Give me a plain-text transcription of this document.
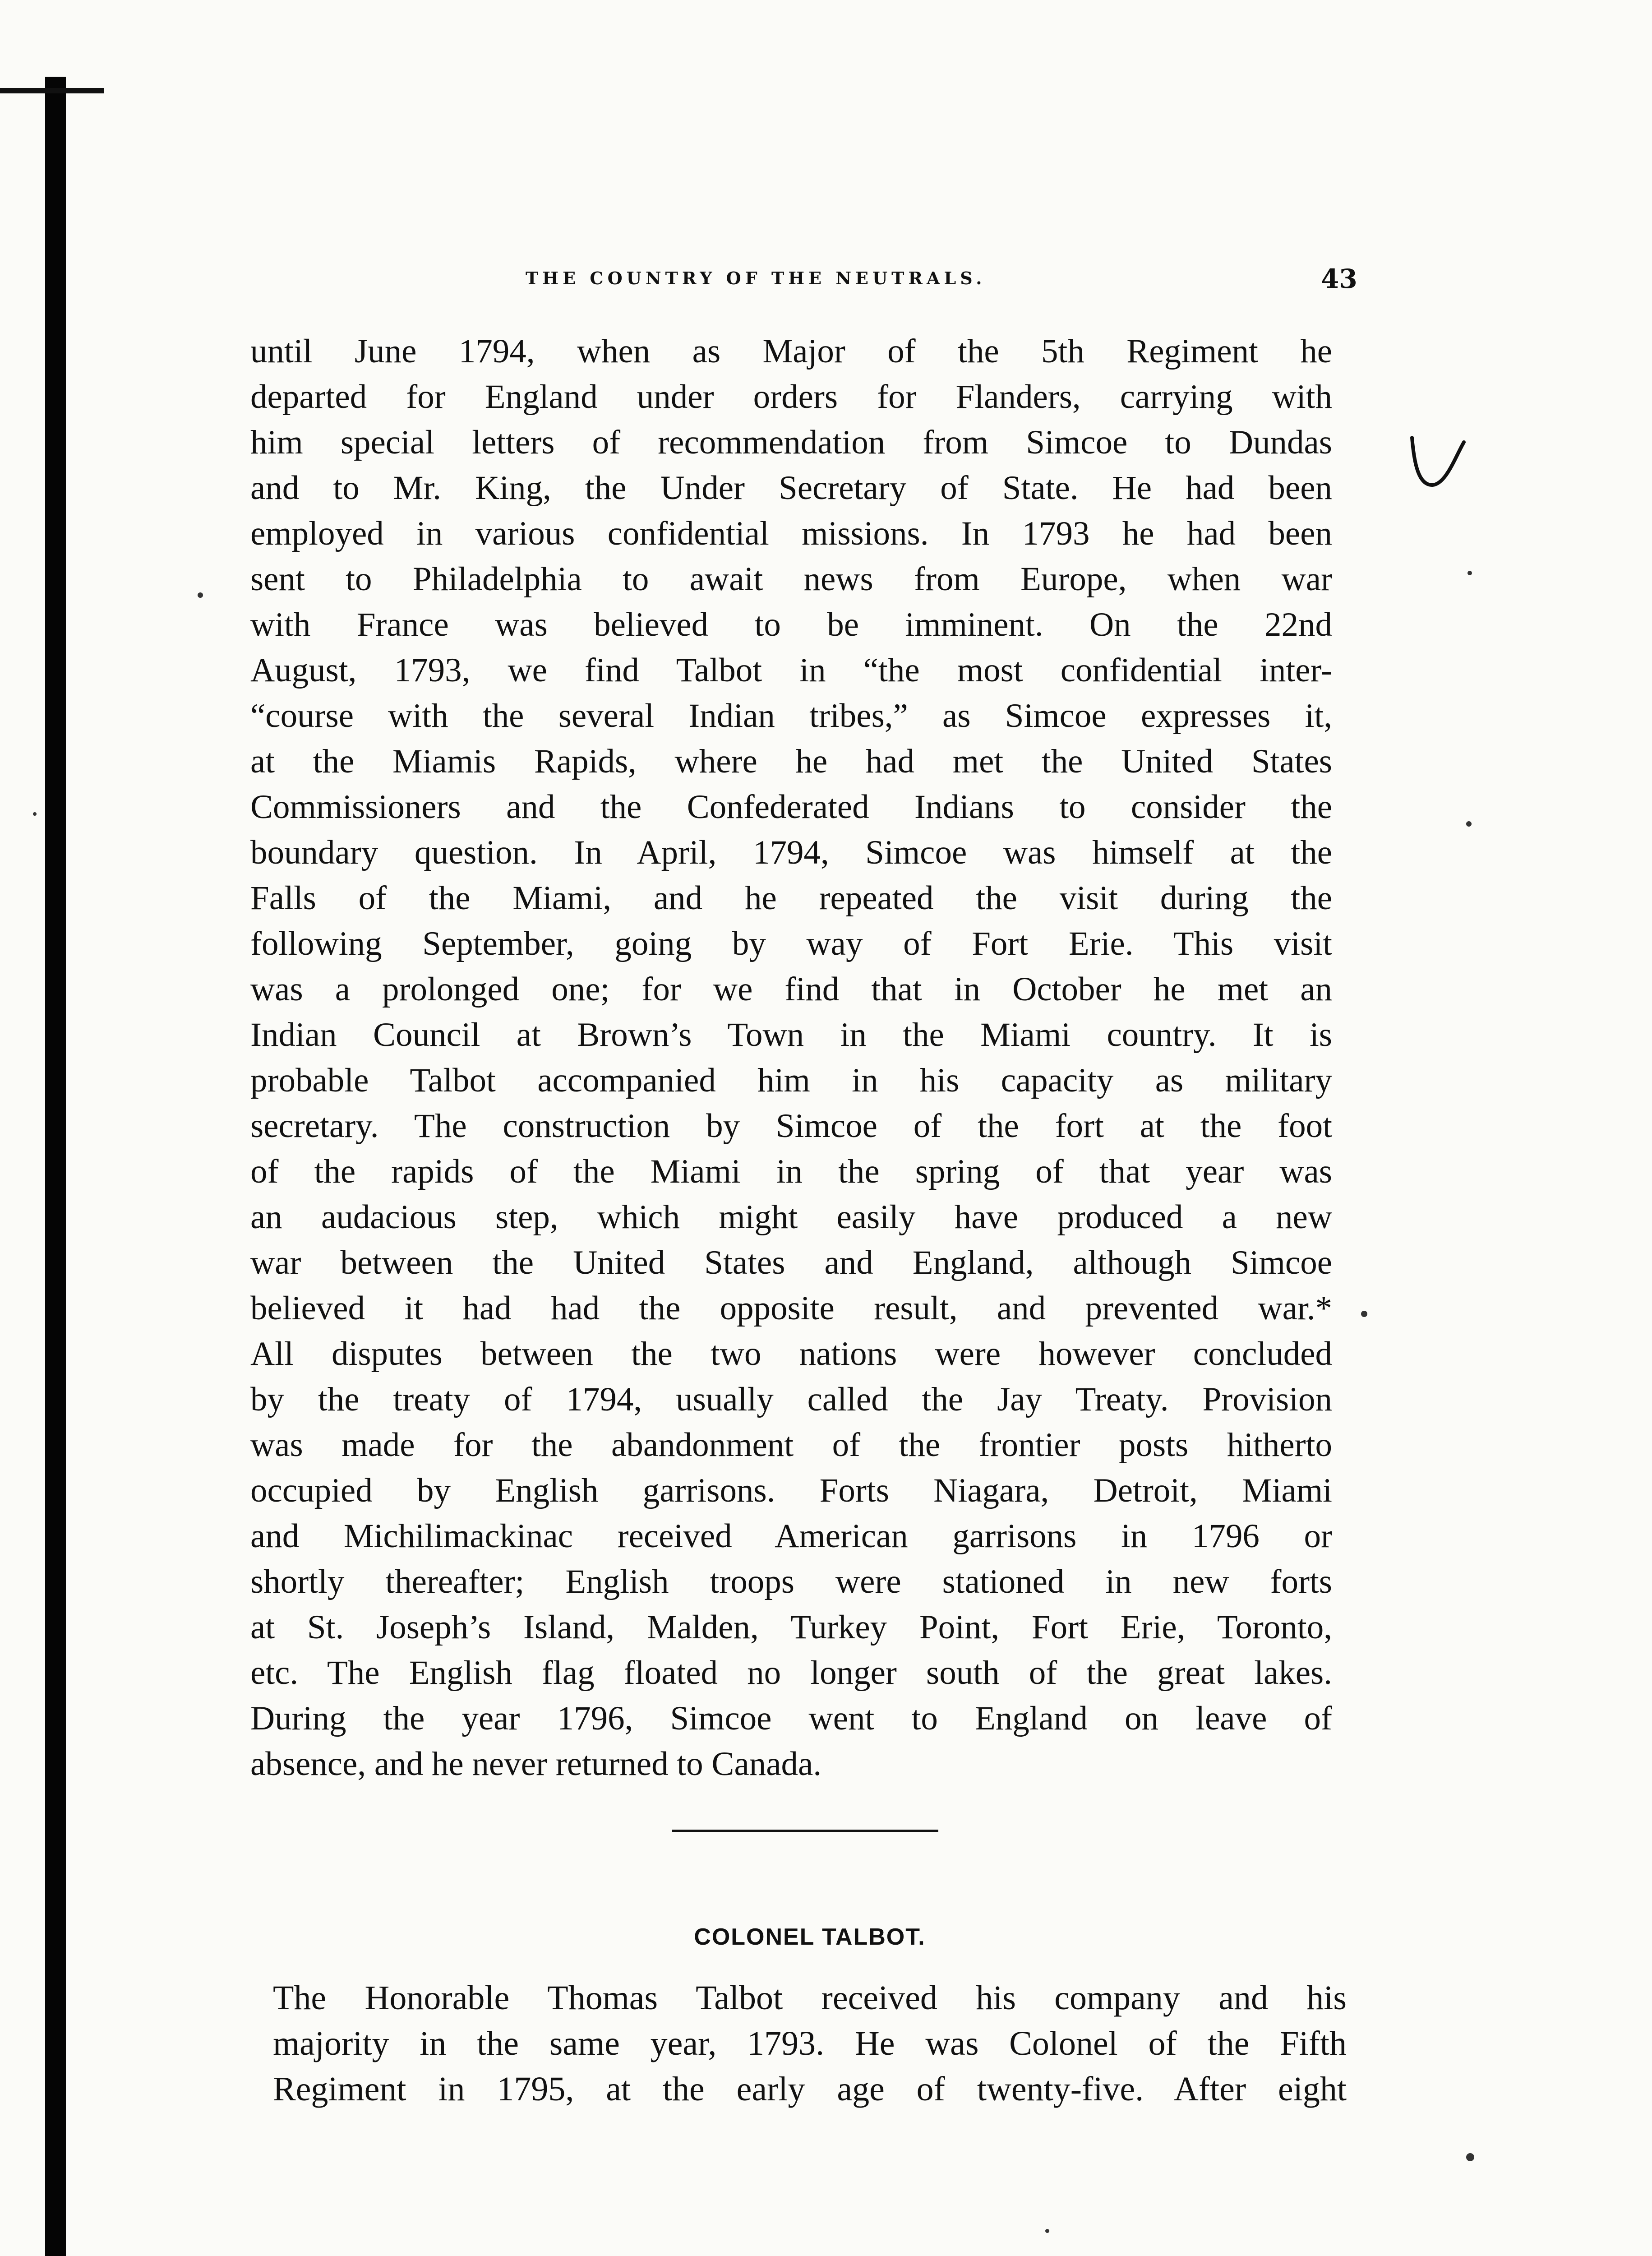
THE COUNTRY OF THE NEUTRALS.	43
until June 1794, when as Major of the 5th Regiment he
departed for England under orders for Flanders, carrying with
him special letters of recommendation from Simcoe to Dundas
and to Mr. King, the Under Secretary of State. He had been
employed in various confidential missions. In 1793 he had been
sent to Philadelphia to await news from Europe, when war
with France was believed to be imminent. On the 22nd
August, 1793, we find Talbot in “the most confidential inter-
“course with the several Indian tribes,” as Simcoe expresses it,
at the Miamis Rapids, where he had met the United States
Commissioners and the Confederated Indians to consider the
boundary question. In April, 1794, Simcoe was himself at the
Falls of the Miami, and he repeated the visit during the
following September, going by way of Fort Erie. This visit
was a prolonged one; for we find that in October he met an
Indian Council at Brown’s Town in the Miami country. It is
probable Talbot accompanied him in his capacity as military
secretary. The construction by Simcoe of the fort at the foot
of the rapids of the Miami in the spring of that year was
an audacious step, which might easily have produced a new
war between the United States and England, although Simcoe
believed it had had the opposite result, and prevented war.*
All disputes between the two nations were however concluded
by the treaty of 1794, usually called the Jay Treaty. Provision
was made for the abandonment of the frontier posts hitherto
occupied by English garrisons. Forts Niagara, Detroit, Miami
and Michilimackinac received American garrisons in 1796 or
shortly thereafter; English troops were stationed in new forts
at St. Joseph’s Island, Malden, Turkey Point, Fort Erie, Toronto,
etc. The English flag floated no longer south of the great lakes.
During the year 1796, Simcoe went to England on leave of
absence, and he never returned to Canada.
COLONEL TALBOT.
The Honorable Thomas Talbot received his company and his
majority in the same year, 1793. He was Colonel of the Fifth
Regiment in 1795, at the early age of twenty-five. After eight
